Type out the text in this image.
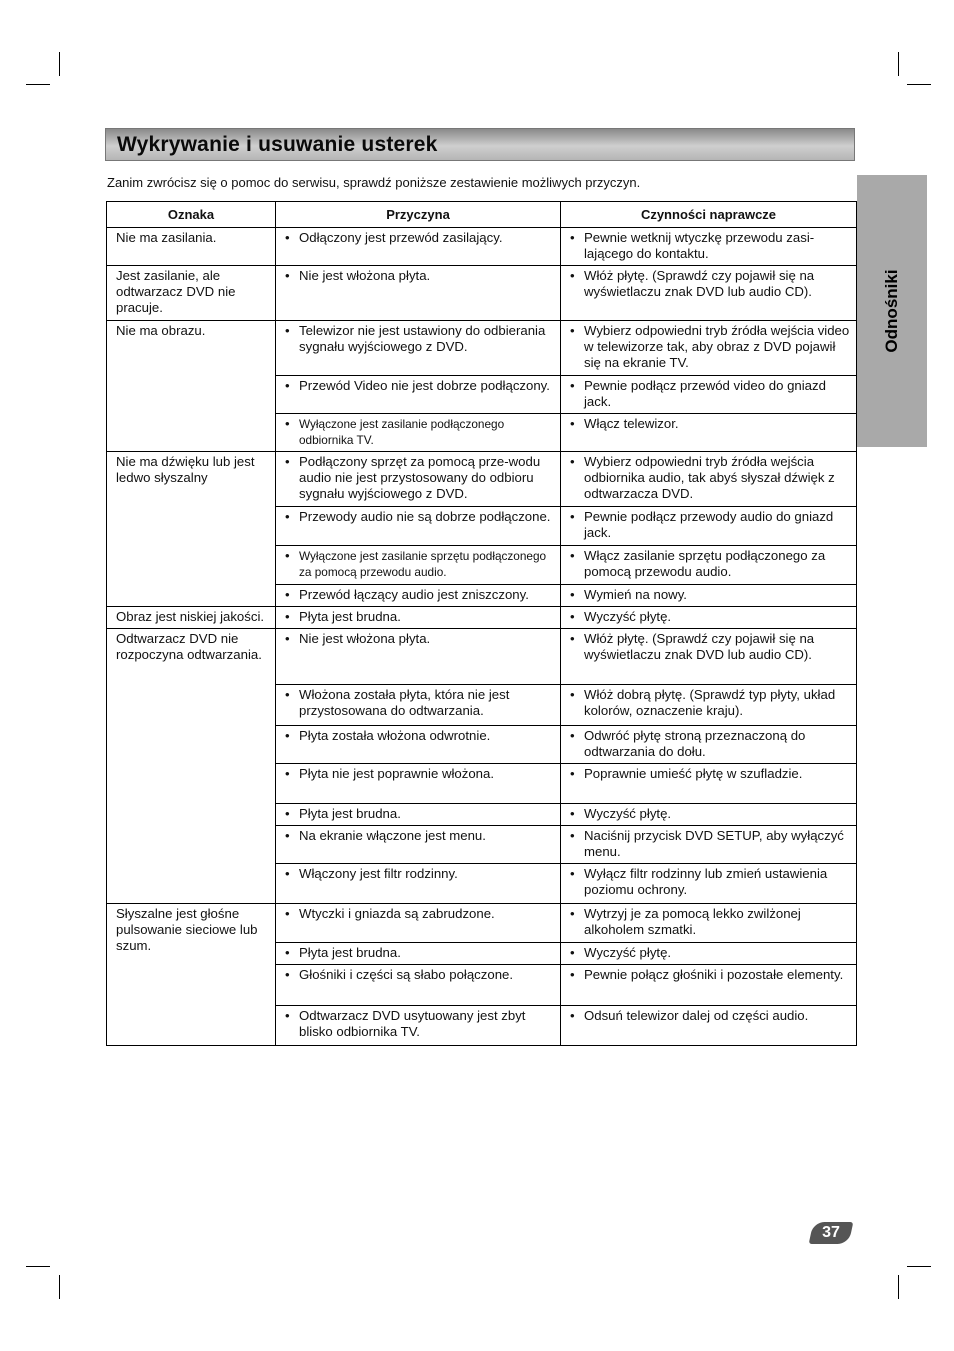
Wykrywanie i usuwanie usterek
Zanim zwrócisz się o pomoc do serwisu, sprawdź poniższe zestawienie możliwych przyczyn.
Odnośniki
Oznaka	Przyczyna	Czynności naprawcze
Nie ma zasilania.	• Odłączony jest przewód zasilający.	• Pewnie wetknij wtyczkę przewodu zasi-lającego do kontaktu.

Jest zasilanie, ale odtwarzacz DVD nie pracuje.	• Nie jest włożona płyta.	• Włóż płytę. (Sprawdź czy pojawił się na wyświetlaczu znak DVD lub audio CD).

Nie ma obrazu.	• Telewizor nie jest ustawiony do odbierania sygnału wyjściowego z DVD.	• Wybierz odpowiedni tryb źródła wejścia video w telewizorze tak, aby obraz z DVD pojawił się na ekranie TV.

	• Przewód Video nie jest dobrze podłączony.	• Pewnie podłącz przewód video do gniazd jack.

	• Wyłączone jest zasilanie podłączonego odbiornika TV.	• Włącz telewizor.

Nie ma dźwięku lub jest ledwo słyszalny	• Podłączony sprzęt za pomocą prze-wodu audio nie jest przystosowany do odbioru sygnału wyjściowego z DVD.	• Wybierz odpowiedni tryb źródła wejścia odbiornika audio, tak abyś słyszał dźwięk z odtwarzacza DVD.

	• Przewody audio nie są dobrze podłączone.	• Pewnie podłącz przewody audio do gniazd jack.

	• Wyłączone jest zasilanie sprzętu podłączonego za pomocą przewodu audio.	• Włącz zasilanie sprzętu podłączonego za pomocą przewodu audio.

	• Przewód łączący audio jest zniszczony.	• Wymień na nowy.

Obraz jest niskiej jakości.	• Płyta jest brudna.	• Wyczyść płytę.

Odtwarzacz DVD nie rozpoczyna odtwarzania.	• Nie jest włożona płyta.	• Włóż płytę. (Sprawdź czy pojawił się na wyświetlaczu znak DVD lub audio CD).

	• Włożona została płyta, która nie jest przystosowana do odtwarzania.	• Włóż dobrą płytę. (Sprawdź typ płyty, układ kolorów, oznaczenie kraju).

	• Płyta została włożona odwrotnie.	• Odwróć płytę stroną przeznaczoną do odtwarzania do dołu.

	• Płyta nie jest poprawnie włożona.	• Poprawnie umieść płytę w szufladzie.

	• Płyta jest brudna.	• Wyczyść płytę.

	• Na ekranie włączone jest menu.	• Naciśnij przycisk DVD SETUP, aby wyłączyć menu.

	• Włączony jest filtr rodzinny.	• Wyłącz filtr rodzinny lub zmień ustawienia poziomu ochrony.

Słyszalne jest głośne pulsowanie sieciowe lub szum.	• Wtyczki i gniazda są zabrudzone.	• Wytrzyj je za pomocą lekko zwilżonej alkoholem szmatki.

	• Płyta jest brudna.	• Wyczyść płytę.

	• Głośniki i części są słabo połączone.	• Pewnie połącz głośniki i pozostałe elementy.

	• Odtwarzacz DVD usytuowany jest zbyt blisko odbiornika TV.	• Odsuń telewizor dalej od części audio.
37
